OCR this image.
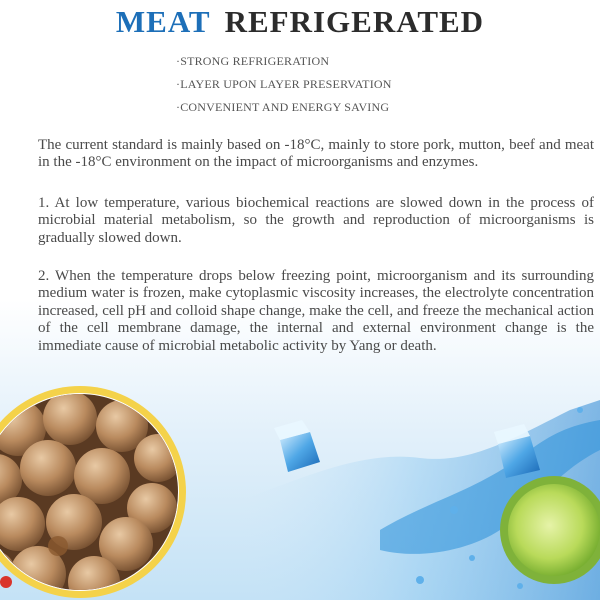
MEAT REFRIGERATED
·STRONG REFRIGERATION
·LAYER UPON LAYER PRESERVATION
·CONVENIENT AND ENERGY SAVING

The current standard is mainly based on -18°C, mainly to store pork, mutton, beef and meat in the -18°C environment on the impact of microorganisms and enzymes.

1. At low temperature, various biochemical reactions are slowed down in the process of microbial material metabolism, so the growth and reproduction of microorganisms is gradually slowed down.

2. When the temperature drops below freezing point, microorganism and its surrounding medium water is frozen, make cytoplasmic viscosity increases, the electrolyte concentration increased, cell pH and colloid shape change, make the cell, and freeze the mechanical action of the cell membrane damage, the internal and external environment change is the immediate cause of microbial metabolic activity by Yang or death.
